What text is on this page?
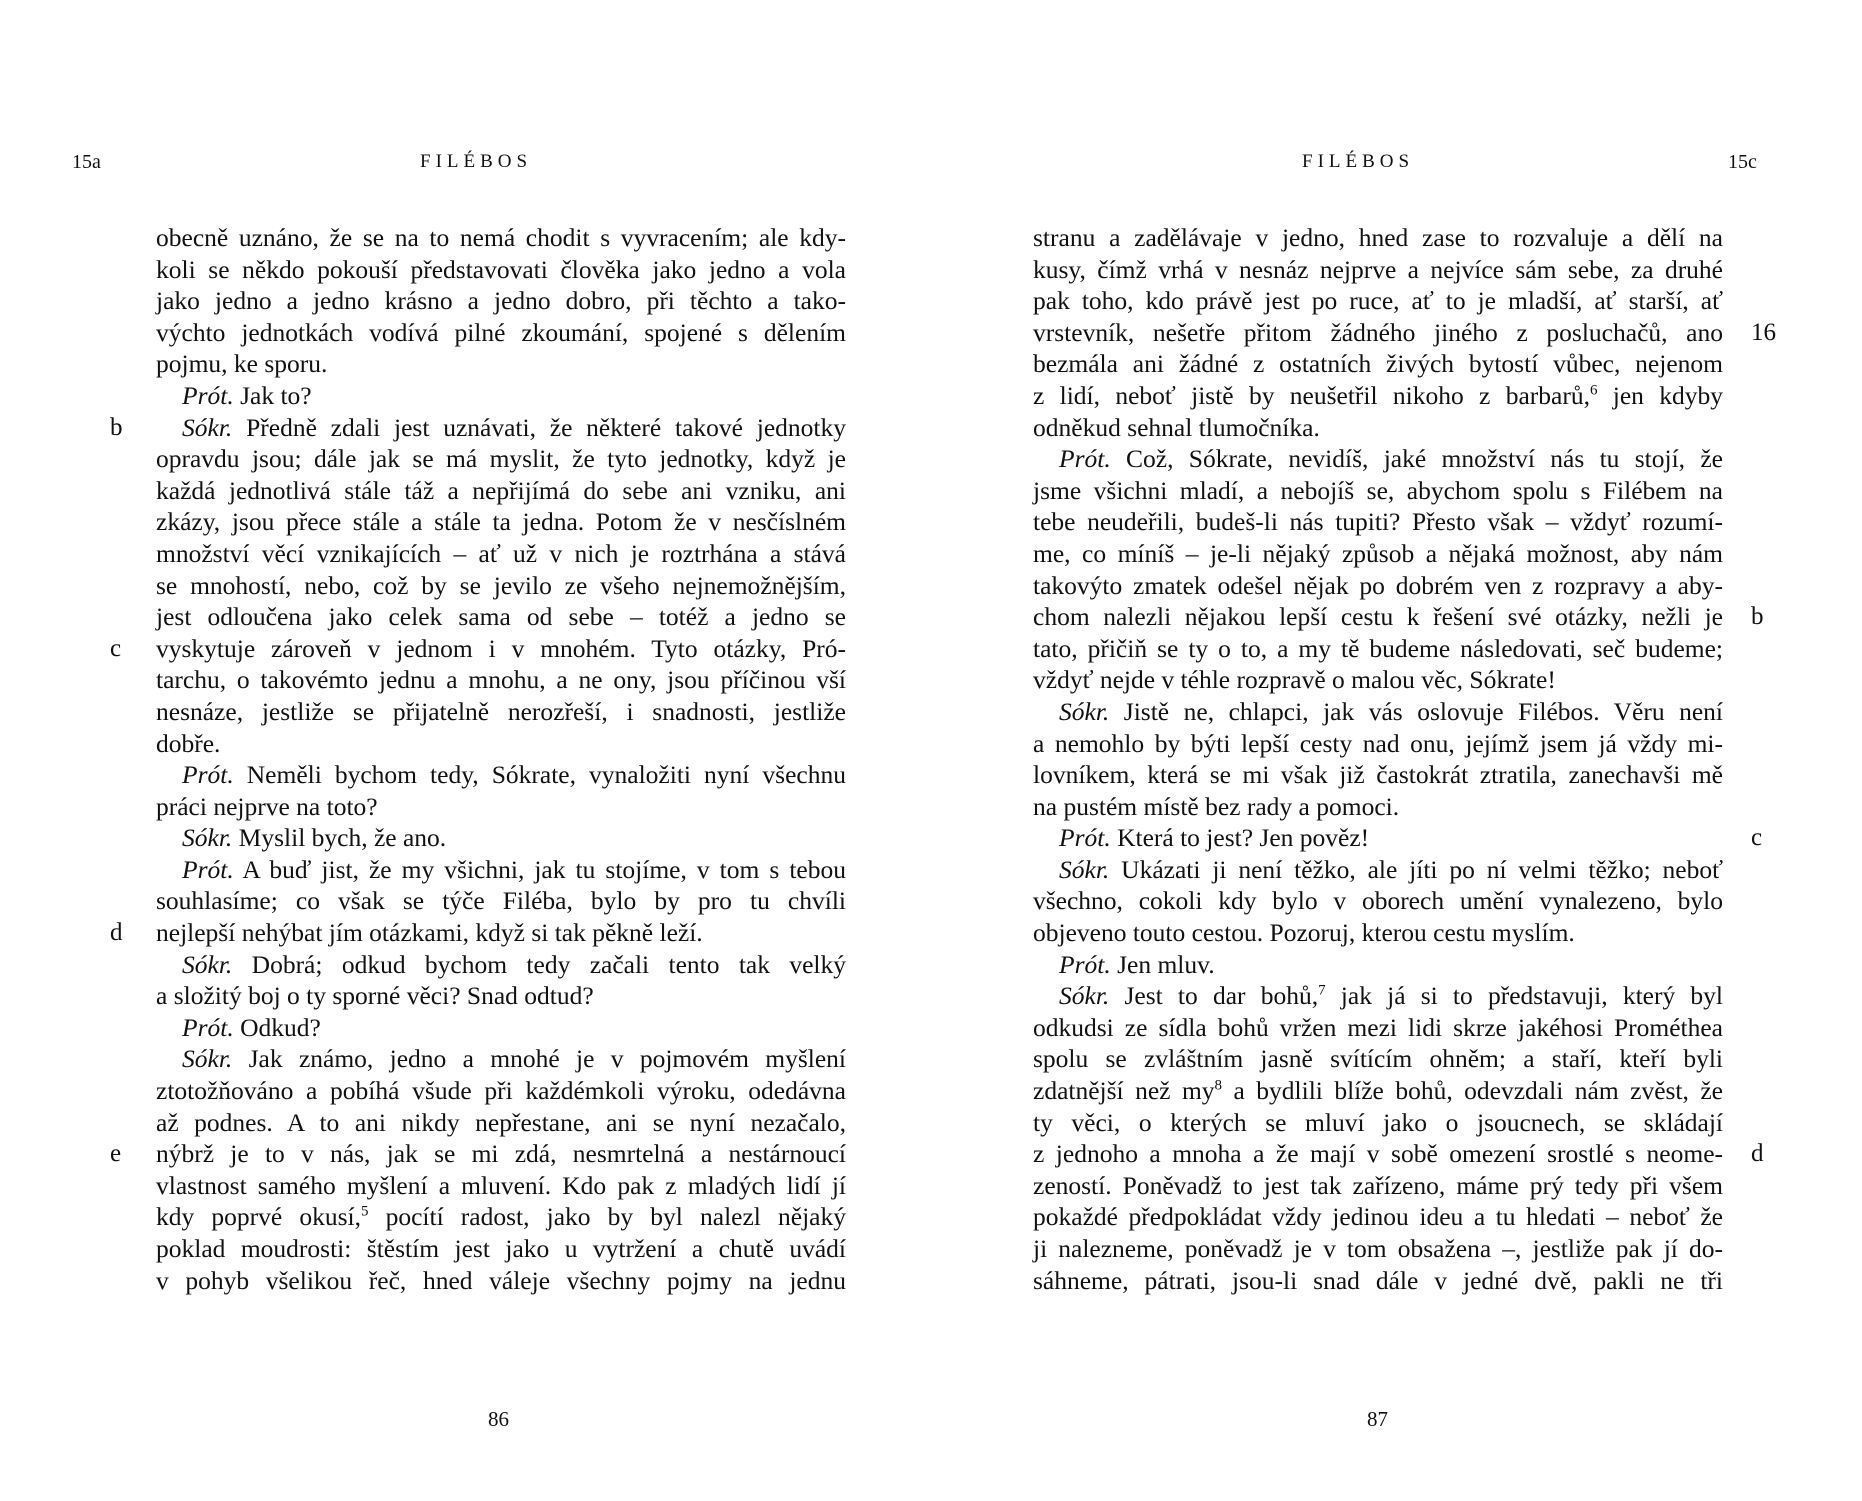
15a	FILÉBOS
obecně uznáno, že se na to nemá chodit s vyvracením; ale kdy-
koli se někdo pokouší představovati člověka jako jedno a vola
jako jedno a jedno krásno a jedno dobro, při těchto a tako-
výchto jednotkách vodívá pilné zkoumání, spojené s dělením
pojmu, ke sporu.
Prót. Jak to?
Sókr. Předně zdali jest uznávati, že některé takové jednotky
opravdu jsou; dále jak se má myslit, že tyto jednotky, když je
každá jednotlivá stále táž a nepřijímá do sebe ani vzniku, ani
zkázy, jsou přece stále a stále ta jedna. Potom že v nesčíslném
množství věcí vznikajících – ať už v nich je roztrhána a stává
se mnohostí, nebo, což by se jevilo ze všeho nejnemožnějším,
jest odloučena jako celek sama od sebe – totéž a jedno se
vyskytuje zároveň v jednom i v mnohém. Tyto otázky, Pró-
tarchu, o takovémto jednu a mnohu, a ne ony, jsou příčinou vší
nesnáze, jestliže se přijatelně nerozřeší, i snadnosti, jestliže
dobře.
Prót. Neměli bychom tedy, Sókrate, vynaložiti nyní všechnu
práci nejprve na toto?
Sókr. Myslil bych, že ano.
Prót. A buď jist, že my všichni, jak tu stojíme, v tom s tebou
souhlasíme; co však se týče Filéba, bylo by pro tu chvíli
nejlepší nehýbat jím otázkami, když si tak pěkně leží.
Sókr. Dobrá; odkud bychom tedy začali tento tak velký
a složitý boj o ty sporné věci? Snad odtud?
Prót. Odkud?
Sókr. Jak známo, jedno a mnohé je v pojmovém myšlení
ztotožňováno a pobíhá všude při každémkoli výroku, odedávna
až podnes. A to ani nikdy nepřestane, ani se nyní nezačalo,
nýbrž je to v nás, jak se mi zdá, nesmrtelná a nestárnoucí
vlastnost samého myšlení a mluvení. Kdo pak z mladých lidí jí
kdy poprvé okusí,$^5$ pocítí radost, jako by byl nalezl nějaký
poklad moudrosti: štěstím jest jako u vytržení a chutě uvádí
v pohyb všelikou řeč, hned váleje všechny pojmy na jednu
86
b
c
d
e
FILÉBOS	15c
stranu a zadělávaje v jedno, hned zase to rozvaluje a dělí na
kusy, čímž vrhá v nesnáz nejprve a nejvíce sám sebe, za druhé
pak toho, kdo právě jest po ruce, ať to je mladší, ať starší, ať
vrstevník, nešetře přitom žádného jiného z posluchačů, ano
bezmála ani žádné z ostatních živých bytostí vůbec, nejenom
z lidí, neboť jistě by neušetřil nikoho z barbarů,$^6$ jen kdyby
odněkud sehnal tlumočníka.
Prót. Což, Sókrate, nevidíš, jaké množství nás tu stojí, že
jsme všichni mladí, a nebojíš se, abychom spolu s Filébem na
tebe neudeřili, budeš-li nás tupiti? Přesto však – vždyť rozumí-
me, co míníš – je-li nějaký způsob a nějaká možnost, aby nám
takovýto zmatek odešel nějak po dobrém ven z rozpravy a aby-
chom nalezli nějakou lepší cestu k řešení své otázky, nežli je
tato, přičiň se ty o to, a my tě budeme následovati, seč budeme;
vždyť nejde v téhle rozpravě o malou věc, Sókrate!
Sókr. Jistě ne, chlapci, jak vás oslovuje Filébos. Věru není
a nemohlo by býti lepší cesty nad onu, jejímž jsem já vždy mi-
lovníkem, která se mi však již častokrát ztratila, zanechavši mě
na pustém místě bez rady a pomoci.
Prót. Která to jest? Jen pověz!
Sókr. Ukázati ji není těžko, ale jíti po ní velmi těžko; neboť
všechno, cokoli kdy bylo v oborech umění vynalezeno, bylo
objeveno touto cestou. Pozoruj, kterou cestu myslím.
Prót. Jen mluv.
Sókr. Jest to dar bohů,$^7$ jak já si to představuji, který byl
odkudsi ze sídla bohů vržen mezi lidi skrze jakéhosi Prométhea
spolu se zvláštním jasně svítícím ohněm; a staří, kteří byli
zdatnější než $my^8$ a bydlili blíže bohů, odevzdali nám zvěst, že
ty věci, o kterých se mluví jako o jsoucnech, se skládají
z jednoho a mnoha a že mají v sobě omezení srostlé s neome-
zeností. Poněvadž to jest tak zařízeno, máme prý tedy při všem
pokaždé předpokládat vždy jedinou ideu a tu hledati – neboť že
ji nalezneme, poněvadž je v tom obsažena –, jestliže pak jí do-
sáhneme, pátrati, jsou-li snad dále v jedné dvě, pakli ne tři
87
16
b
c
d
